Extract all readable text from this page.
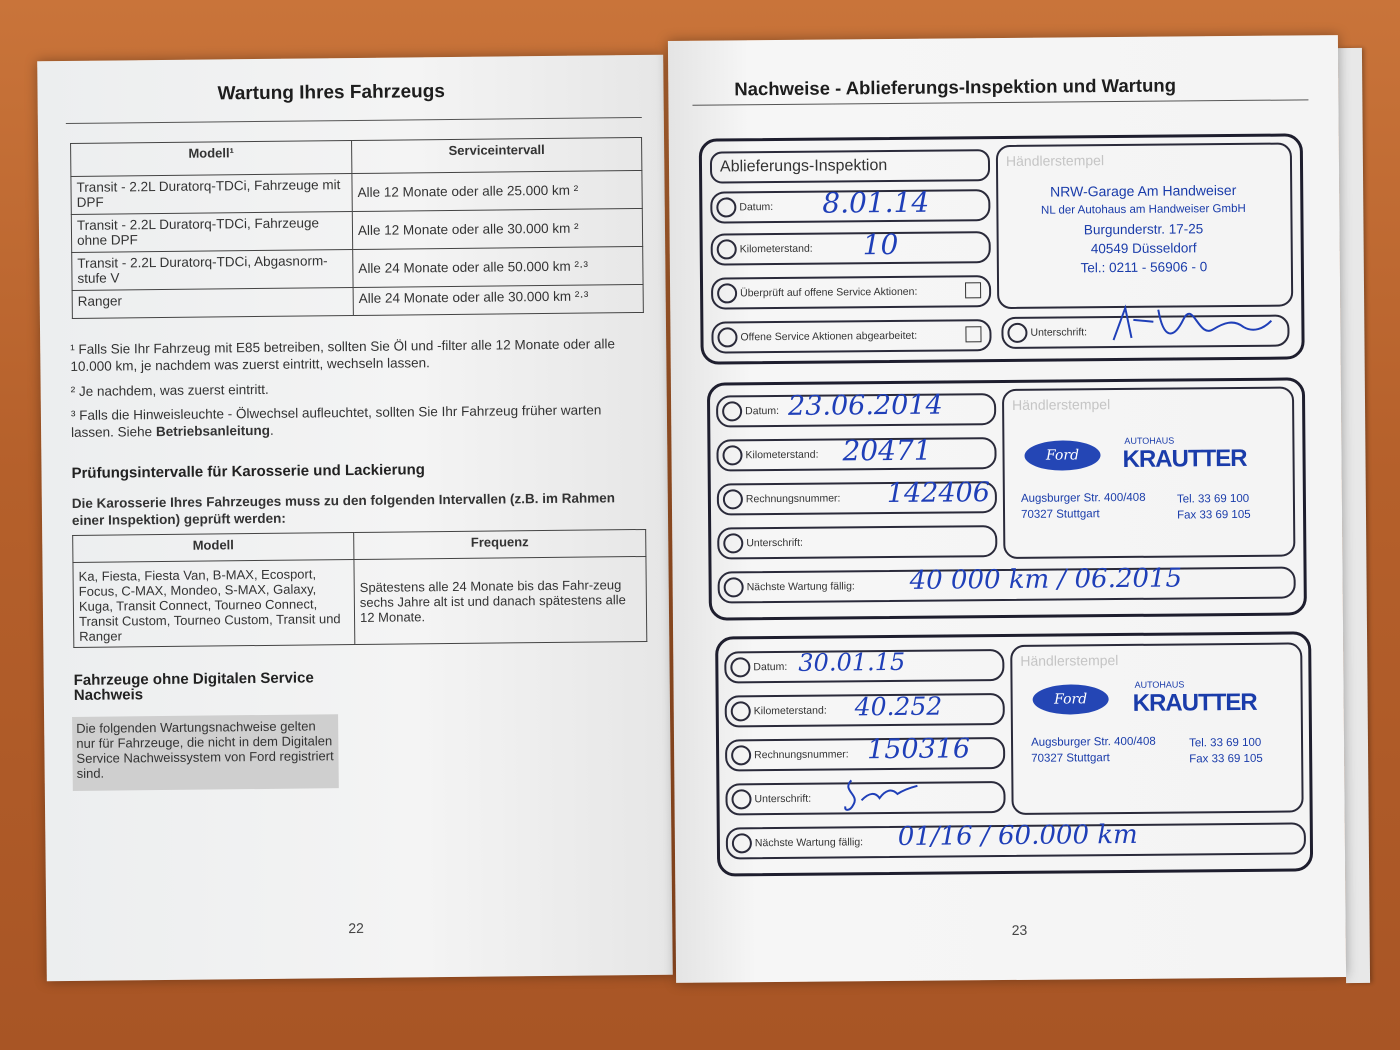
Wartung Ihres Fahrzeugs
Modell¹	Serviceintervall
Transit - 2.2L Duratorq-TDCi, Fahrzeuge mit DPF	Alle 12 Monate oder alle 25.000 km ²
Transit - 2.2L Duratorq-TDCi, Fahrzeuge ohne DPF	Alle 12 Monate oder alle 30.000 km ²
Transit - 2.2L Duratorq-TDCi, Abgasnorm-stufe V	Alle 24 Monate oder alle 50.000 km ²·³
Ranger	Alle 24 Monate oder alle 30.000 km ²·³
¹ Falls Sie Ihr Fahrzeug mit E85 betreiben, sollten Sie Öl und -filter alle 12 Monate oder alle 10.000 km, je nachdem was zuerst eintritt, wechseln lassen.
² Je nachdem, was zuerst eintritt.
³ Falls die Hinweisleuchte - Ölwechsel aufleuchtet, sollten Sie Ihr Fahrzeug früher warten lassen. Siehe Betriebsanleitung.
Prüfungsintervalle für Karosserie und Lackierung
Die Karosserie Ihres Fahrzeuges muss zu den folgenden Intervallen (z.B. im Rahmen einer Inspektion) geprüft werden:
Modell	Frequenz
Ka, Fiesta, Fiesta Van, B-MAX, Ecosport, Focus, C-MAX, Mondeo, S-MAX, Galaxy, Kuga, Transit Connect, Tourneo Connect, Transit Custom, Tourneo Custom, Transit und Ranger	Spätestens alle 24 Monate bis das Fahr-zeug sechs Jahre alt ist und danach spätestens alle 12 Monate.
Fahrzeuge ohne Digitalen Service Nachweis
Die folgenden Wartungsnachweise gelten nur für Fahrzeuge, die nicht in dem Digitalen Service Nachweissystem von Ford registriert sind.
22
Nachweise - Ablieferungs-Inspektion und Wartung
Ablieferungs-Inspektion
Datum: 8.01.14
Kilometerstand: 10
Überprüft auf offene Service Aktionen:
Offene Service Aktionen abgearbeitet:
Händlerstempel
NRW-Garage Am Handweiser
NL der Autohaus am Handweiser GmbH
Burgunderstr. 17-25
40549 Düsseldorf
Tel.: 0211 - 56906 - 0
Unterschrift:
Datum: 23.06.2014
Kilometerstand: 20471
Rechnungsnummer: 142406
Unterschrift:
Nächste Wartung fällig: 40 000 km / 06.2015
Händlerstempel
Ford
AUTOHAUS
KRAUTTER
Augsburger Str. 400/408
70327 Stuttgart
Tel. 33 69 100
Fax 33 69 105
Datum: 30.01.15
Kilometerstand: 40.252
Rechnungsnummer: 150316
Unterschrift:
Nächste Wartung fällig: 01/16 / 60.000 km
Händlerstempel
Ford
AUTOHAUS
KRAUTTER
Augsburger Str. 400/408
70327 Stuttgart
Tel. 33 69 100
Fax 33 69 105
23
